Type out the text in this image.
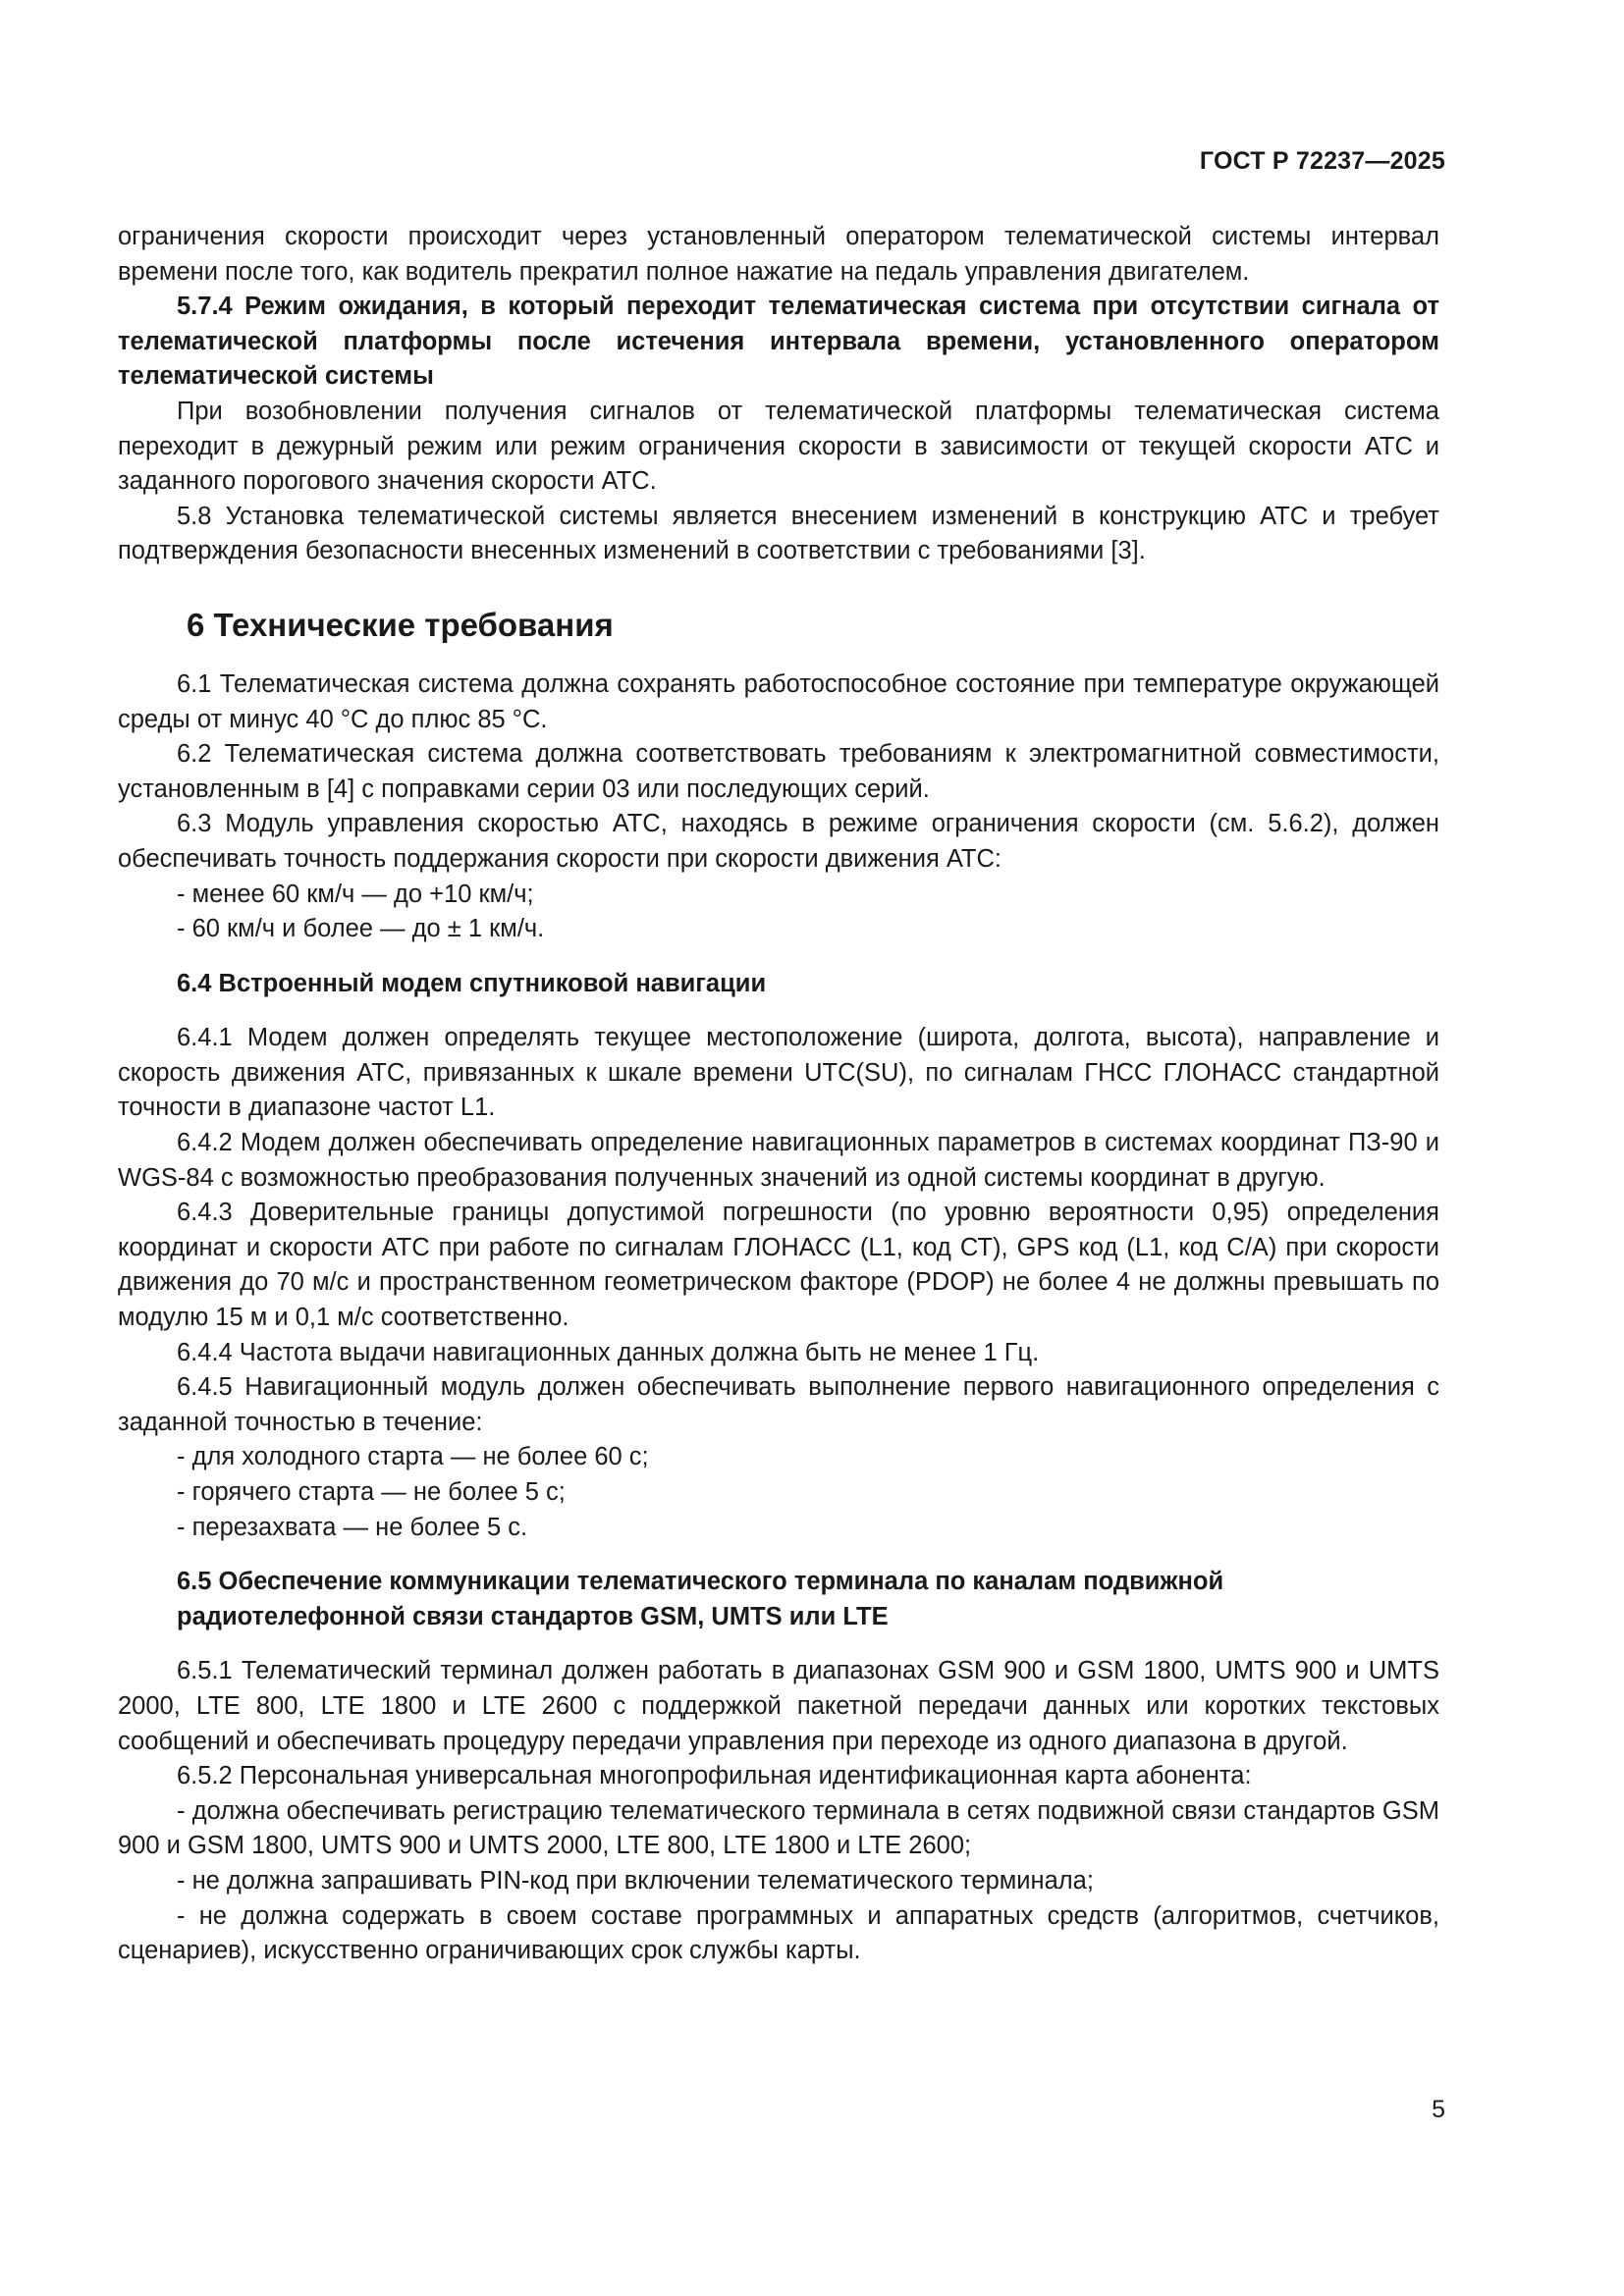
ГОСТ Р 72237—2025

ограничения скорости происходит через установленный оператором телематической системы интервал времени после того, как водитель прекратил полное нажатие на педаль управления двигателем.

5.7.4 Режим ожидания, в который переходит телематическая система при отсутствии сигнала от телематической платформы после истечения интервала времени, установленного оператором телематической системы

При возобновлении получения сигналов от телематической платформы телематическая система переходит в дежурный режим или режим ограничения скорости в зависимости от текущей скорости АТС и заданного порогового значения скорости АТС.

5.8 Установка телематической системы является внесением изменений в конструкцию АТС и требует подтверждения безопасности внесенных изменений в соответствии с требованиями [3].

6 Технические требования

6.1 Телематическая система должна сохранять работоспособное состояние при температуре окружающей среды от минус 40 °С до плюс 85 °С.

6.2 Телематическая система должна соответствовать требованиям к электромагнитной совместимости, установленным в [4] с поправками серии 03 или последующих серий.

6.3 Модуль управления скоростью АТС, находясь в режиме ограничения скорости (см. 5.6.2), должен обеспечивать точность поддержания скорости при скорости движения АТС:

- менее 60 км/ч — до +10 км/ч;

- 60 км/ч и более — до ± 1 км/ч.

6.4 Встроенный модем спутниковой навигации

6.4.1 Модем должен определять текущее местоположение (широта, долгота, высота), направление и скорость движения АТС, привязанных к шкале времени UTC(SU), по сигналам ГНСС ГЛОНАСС стандартной точности в диапазоне частот L1.

6.4.2 Модем должен обеспечивать определение навигационных параметров в системах координат ПЗ-90 и WGS-84 с возможностью преобразования полученных значений из одной системы координат в другую.

6.4.3 Доверительные границы допустимой погрешности (по уровню вероятности 0,95) определения координат и скорости АТС при работе по сигналам ГЛОНАСС (L1, код СТ), GPS код (L1, код С/А) при скорости движения до 70 м/с и пространственном геометрическом факторе (PDOP) не более 4 не должны превышать по модулю 15 м и 0,1 м/с соответственно.

6.4.4 Частота выдачи навигационных данных должна быть не менее 1 Гц.

6.4.5 Навигационный модуль должен обеспечивать выполнение первого навигационного определения с заданной точностью в течение:

- для холодного старта — не более 60 с;

- горячего старта — не более 5 с;

- перезахвата — не более 5 с.

6.5 Обеспечение коммуникации телематического терминала по каналам подвижной радиотелефонной связи стандартов GSM, UMTS или LTE

6.5.1 Телематический терминал должен работать в диапазонах GSM 900 и GSM 1800, UMTS 900 и UMTS 2000, LTE 800, LTE 1800 и LTE 2600 с поддержкой пакетной передачи данных или коротких текстовых сообщений и обеспечивать процедуру передачи управления при переходе из одного диапазона в другой.

6.5.2 Персональная универсальная многопрофильная идентификационная карта абонента:

- должна обеспечивать регистрацию телематического терминала в сетях подвижной связи стандартов GSM 900 и GSM 1800, UMTS 900 и UMTS 2000, LTE 800, LTE 1800 и LTE 2600;

- не должна запрашивать PIN-код при включении телематического терминала;

- не должна содержать в своем составе программных и аппаратных средств (алгоритмов, счетчиков, сценариев), искусственно ограничивающих срок службы карты.

5
